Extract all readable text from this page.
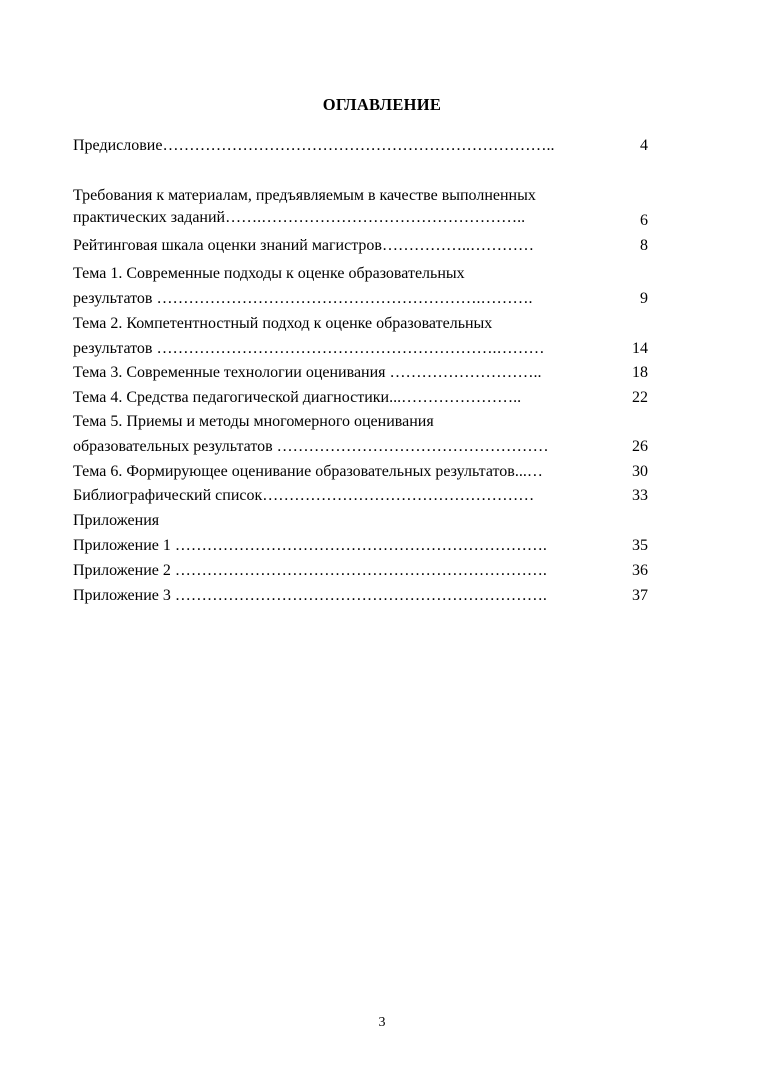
ОГЛАВЛЕНИЕ
Предисловие………………………………………………………………..	4
Требования к материалам, предъявляемым в качестве выполненных
практических заданий…….…………………………………………..	6
Рейтинговая шкала оценки знаний магистров……………..…………	8
Тема 1. Современные подходы к оценке образовательных
результатов …………………………………………………….……….	9
Тема 2. Компетентностный подход к оценке образовательных
результатов ……………………………………………………….………	14
Тема 3. Современные технологии оценивания ………………………..	18
Тема 4. Средства педагогической диагностики...…………………..	22
Тема 5. Приемы и методы многомерного оценивания
образовательных результатов ……………………………………………	26
Тема 6. Формирующее оценивание образовательных результатов...…	30
Библиографический список……………………………………………	33
Приложения
Приложение 1 …………………………………………………………….	35
Приложение 2 …………………………………………………………….	36
Приложение 3 …………………………………………………………….	37
3
